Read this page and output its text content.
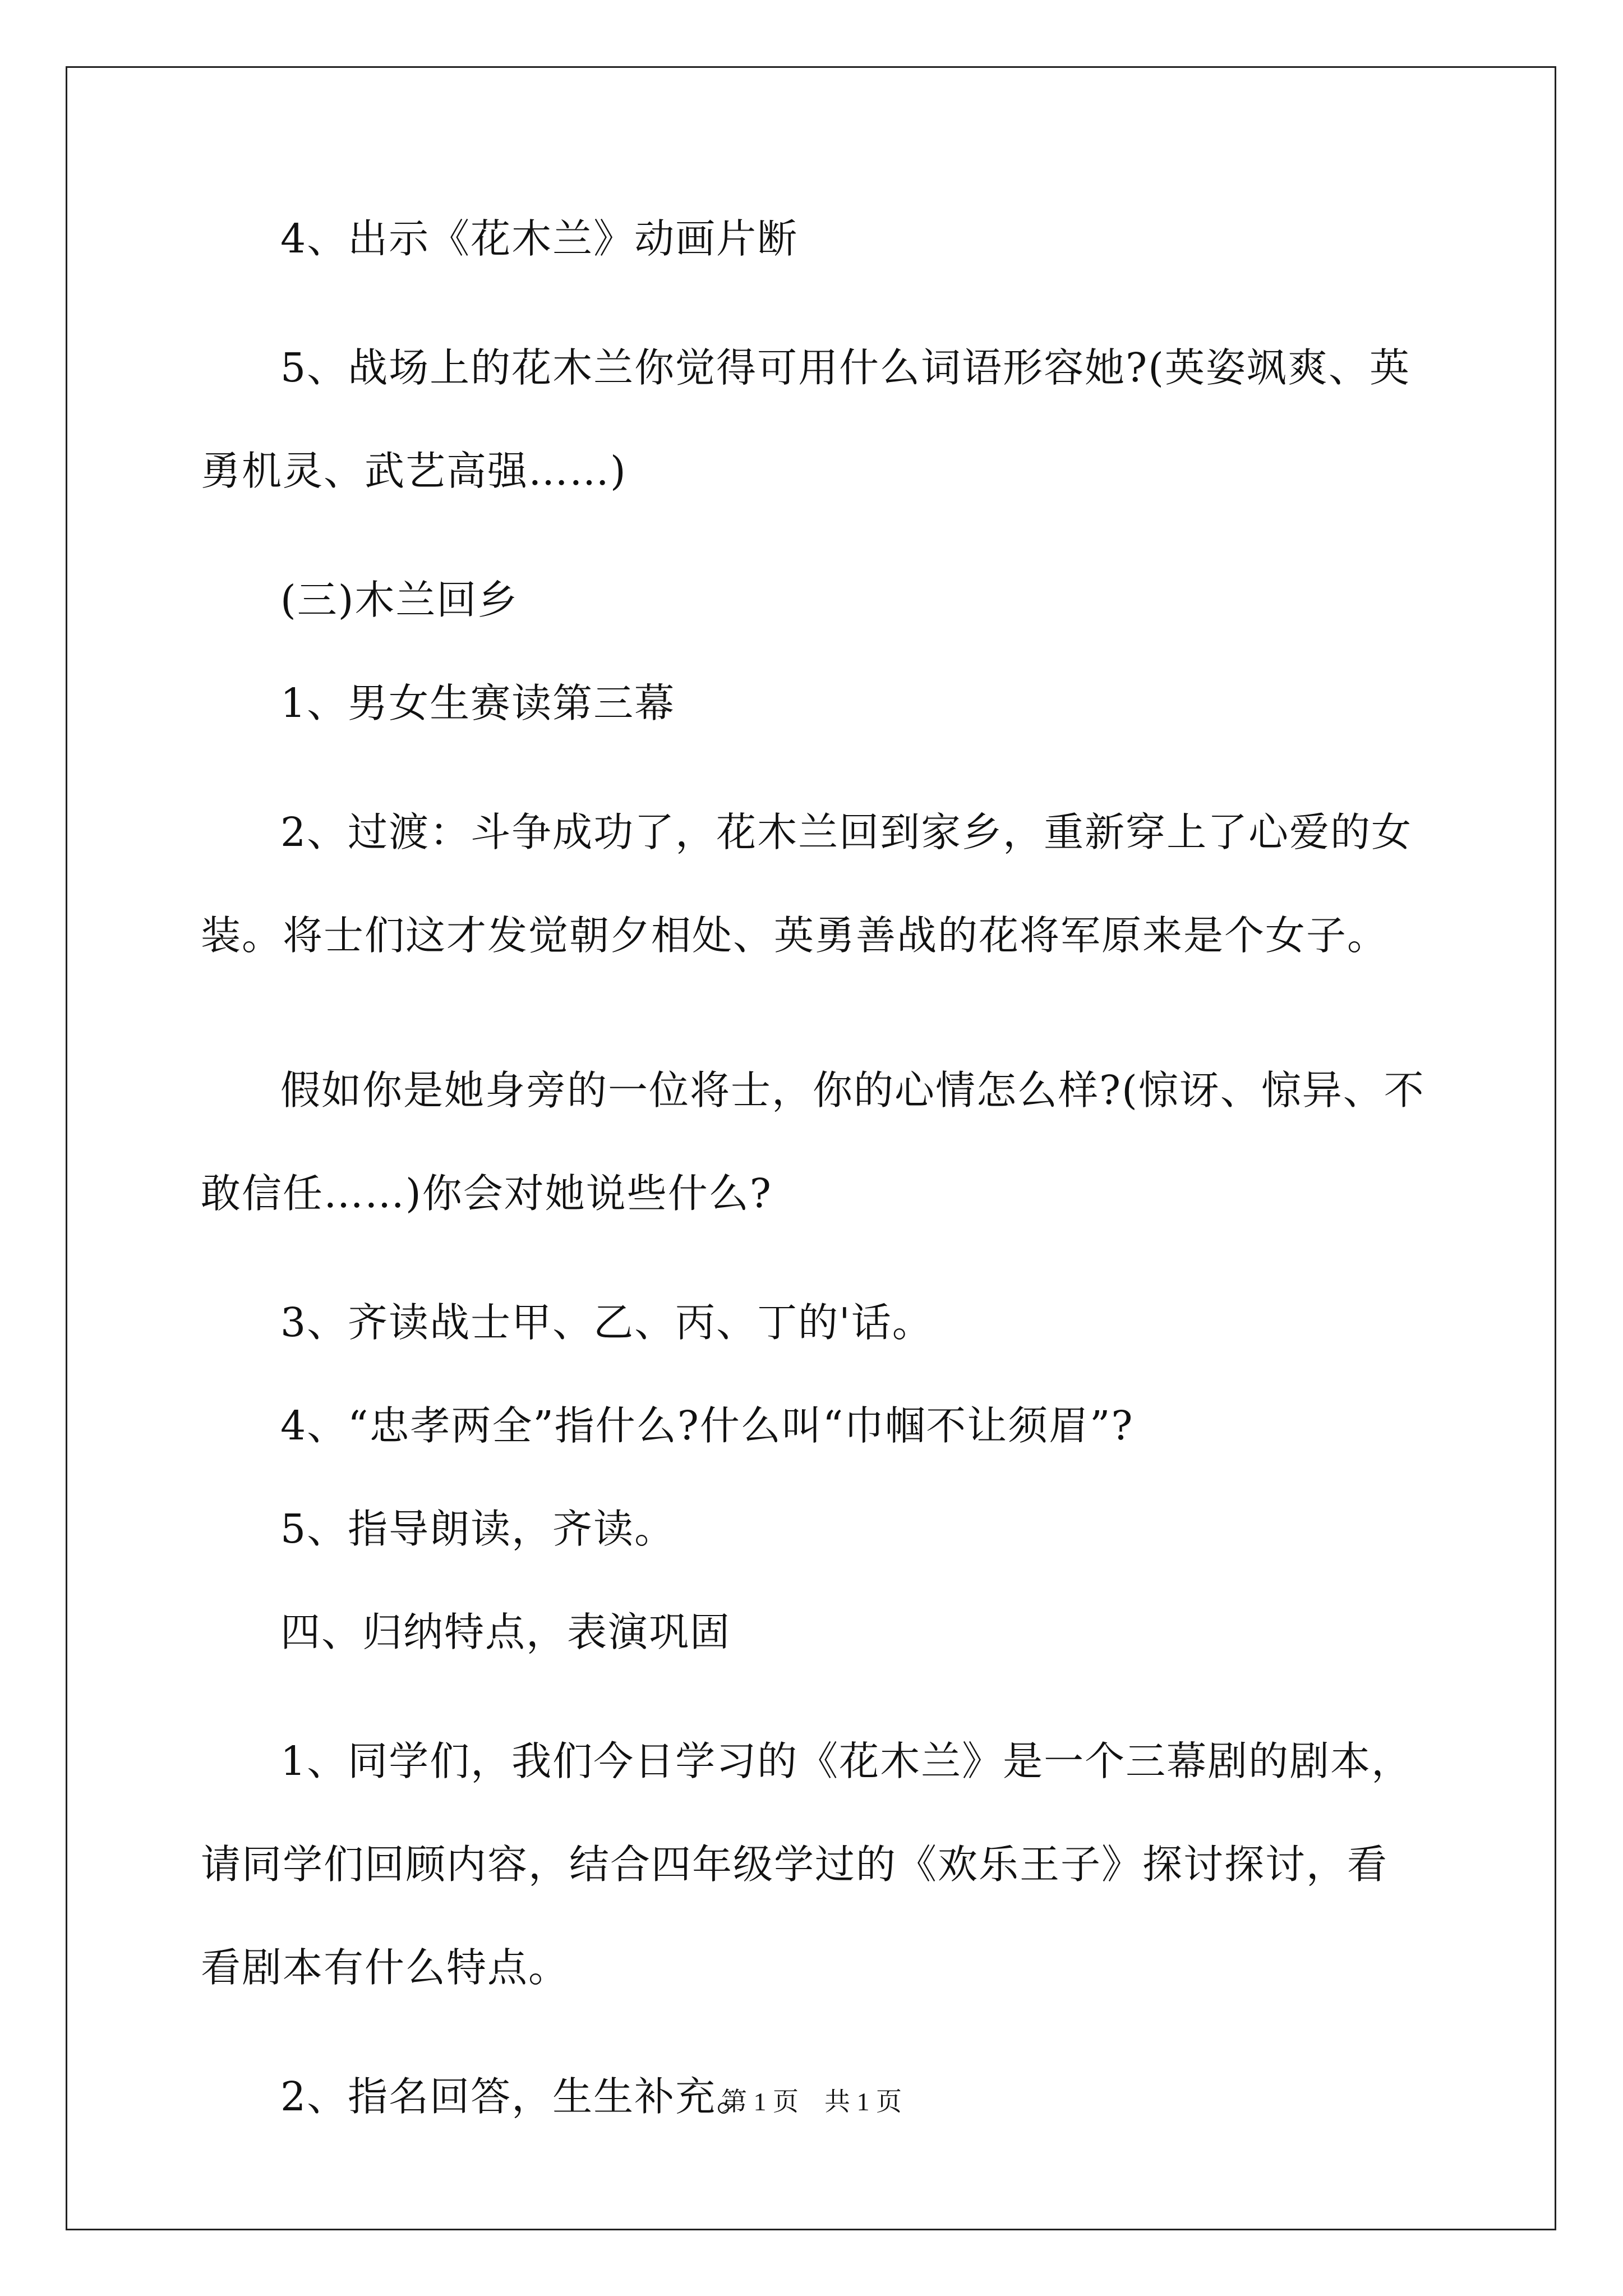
4、出示《花木兰》动画片断

5、战场上的花木兰你觉得可用什么词语形容她?(英姿飒爽、英勇机灵、武艺高强……)

(三)木兰回乡

1、男女生赛读第三幕

2、过渡：斗争成功了，花木兰回到家乡，重新穿上了心爱的女装。将士们这才发觉朝夕相处、英勇善战的花将军原来是个女子。

假如你是她身旁的一位将士，你的心情怎么样?(惊讶、惊异、不敢信任……)你会对她说些什么?

3、齐读战士甲、乙、丙、丁的'话。

4、“忠孝两全”指什么?什么叫“巾帼不让须眉”?

5、指导朗读，齐读。

四、归纳特点，表演巩固

1、同学们，我们今日学习的《花木兰》是一个三幕剧的剧本，请同学们回顾内容，结合四年级学过的《欢乐王子》探讨探讨，看看剧本有什么特点。

2、指名回答，生生补充。

第 1 页　共 1 页
